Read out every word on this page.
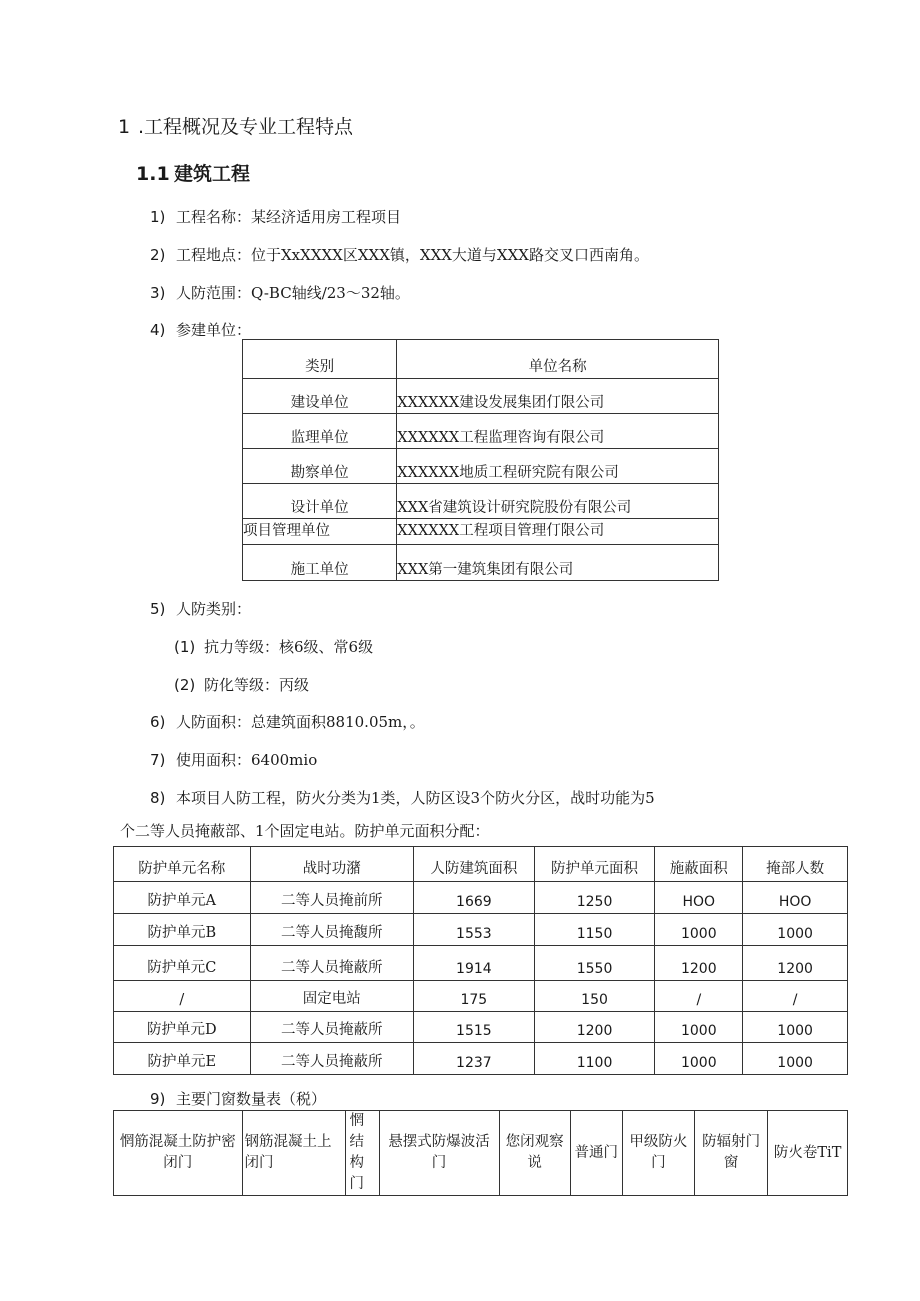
1 .工程概况及专业工程特点
1.1 建筑工程
1) 工程名称：某经济适用房工程项目
2) 工程地点：位于XxXXXX区XXX镇，XXX大道与XXX路交叉口西南角。
3) 人防范围：Q-BC轴线/23〜32轴。
4) 参建单位：
类别	单位名称
建设单位	XXXXXX建设发展集团仃限公司
监理单位	XXXXXX工程监理咨询有限公司
勘察单位	XXXXXX地质工程研究院有限公司
设计单位	XXX省建筑设计研究院股份有限公司
项目管理单位	XXXXXX工程项目管理仃限公司
施工单位	XXX第一建筑集团有限公司
5) 人防类别：
(1) 抗力等级：核6级、常6级
(2) 防化等级：丙级
6) 人防面积：总建筑面积8810.05m，。
7) 使用面积：6400mio
8) 本项目人防工程，防火分类为1类，人防区设3个防火分区，战时功能为5
个二等人员掩蔽部、1个固定电站。防护单元面积分配：
防护单元名称	战时功潴	人防建筑面积	防护单元面积	施蔽面积	掩部人数
防护单元A	二等人员掩前所	1669	1250	HOO	HOO
防护单元B	二等人员掩馥所	1553	1150	1000	1000
防护单元C	二等人员掩蔽所	1914	1550	1200	1200
/	固定电站	175	150	/	/
防护单元D	二等人员掩蔽所	1515	1200	1000	1000
防护单元E	二等人员掩蔽所	1237	1100	1000	1000
9) 主要门窗数量表（税）
惘筋混凝土防护密闭门	钢筋混凝土上闭门	惘结构门	悬摆式防爆波活门	您闭观察说	普通门	甲级防火门	防辐射门窗	防火卷TiT
